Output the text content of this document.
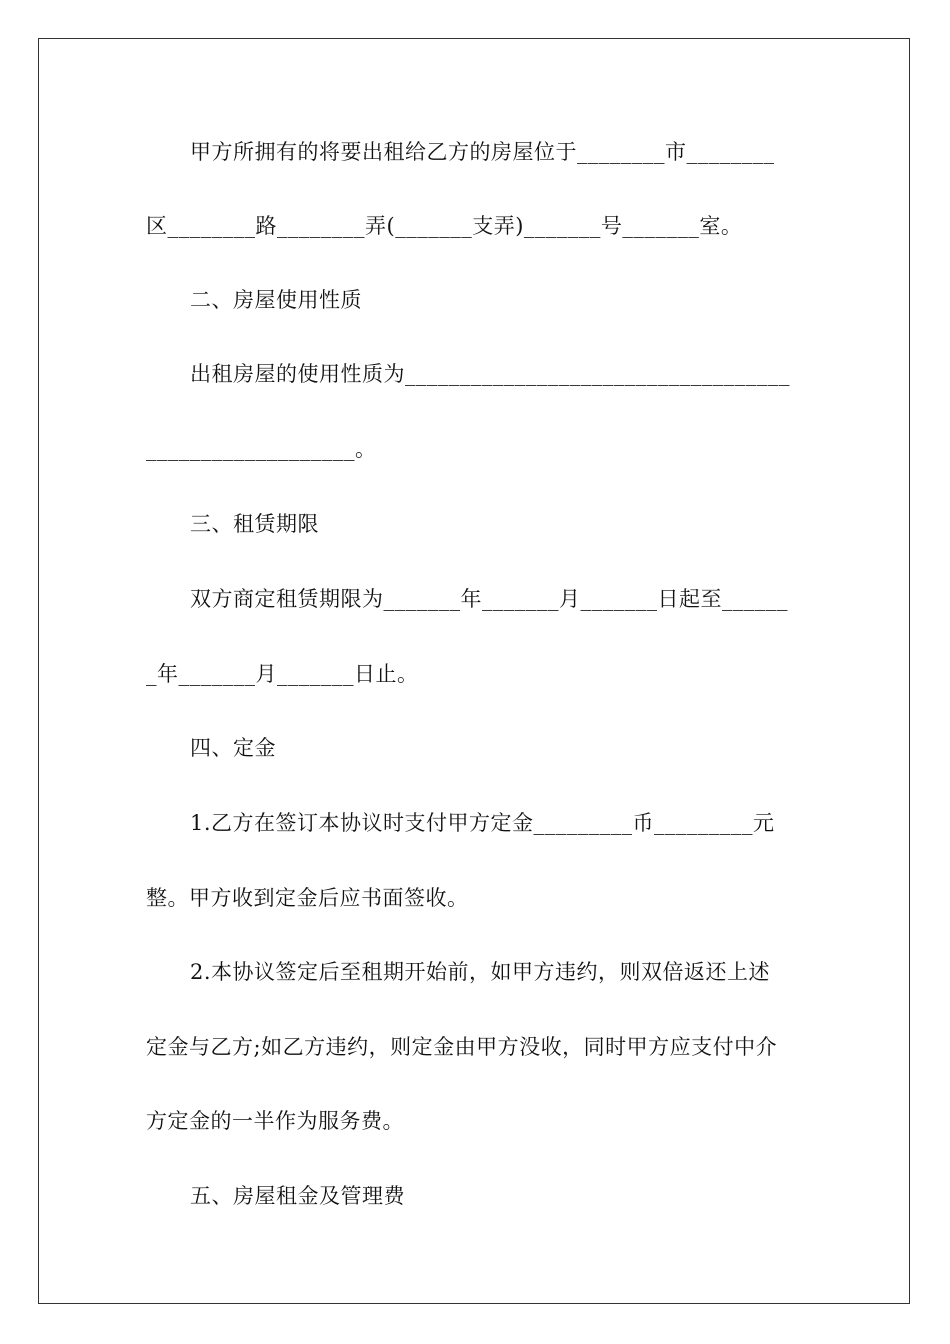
甲方所拥有的将要出租给乙方的房屋位于________市________
区________路________弄(_______支弄)_______号_______室。
二、房屋使用性质
出租房屋的使用性质为___________________________________
___________________。
三、租赁期限
双方商定租赁期限为_______年_______月_______日起至______
_年_______月_______日止。
四、定金
1.乙方在签订本协议时支付甲方定金_________币_________元
整。甲方收到定金后应书面签收。
2.本协议签定后至租期开始前，如甲方违约，则双倍返还上述
定金与乙方;如乙方违约，则定金由甲方没收，同时甲方应支付中介
方定金的一半作为服务费。
五、房屋租金及管理费
